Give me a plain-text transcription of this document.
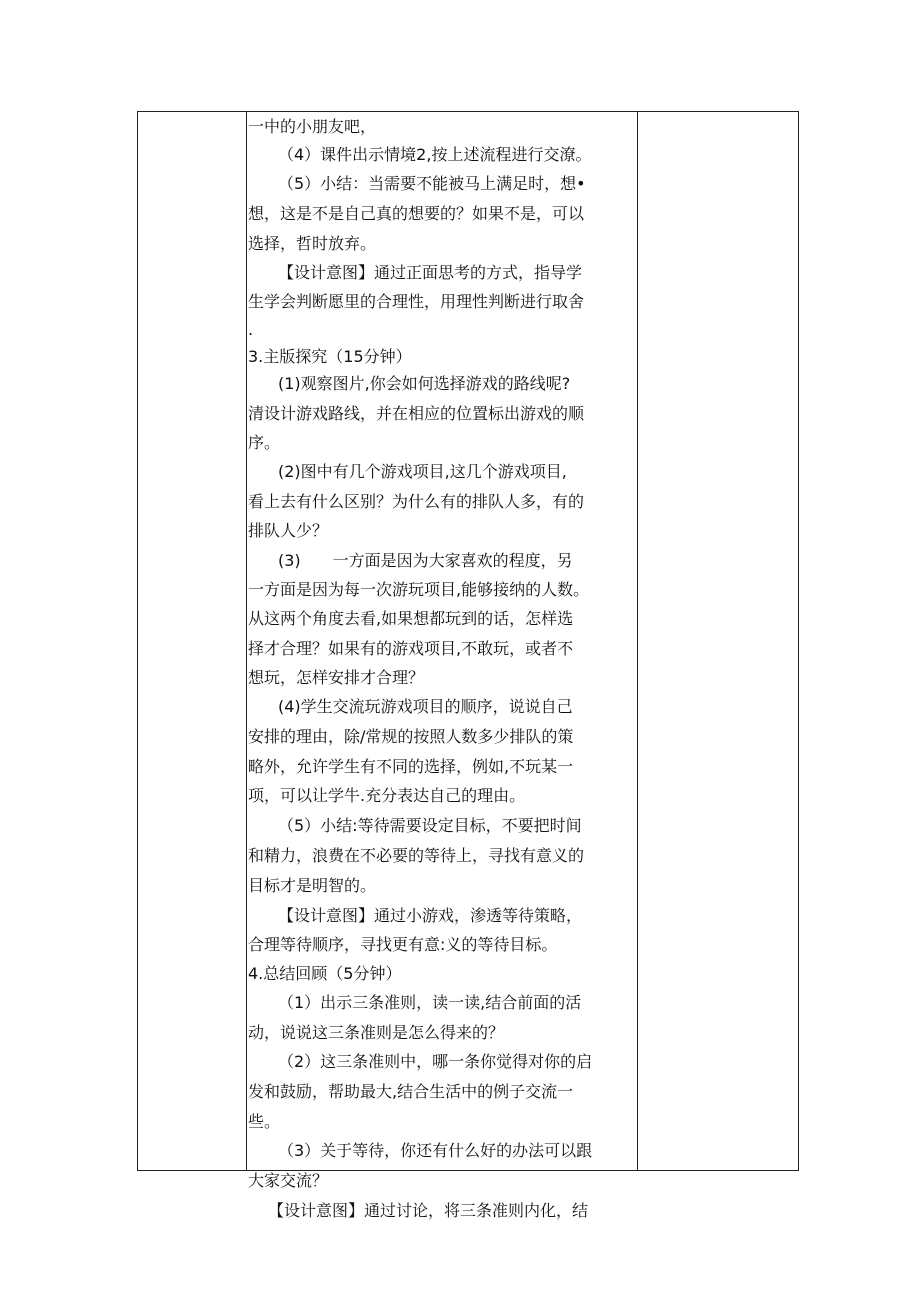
一中的小朋友吧，
（4）课件出示情境2,按上述流程进行交潦。
（5）小结：当需要不能被马上满足时，想•
想，这是不是自己真的想要的？如果不是，可以
选择，哲时放弃。
【设计意图】通过正面思考的方式，指导学
生学会判断愿里的合理性，用理性判断进行取舍
.
3.主版探究（15分钟）
(1)观察图片,你会如何选择游戏的路线呢?
清设计游戏路线，并在相应的位置标出游戏的顺
序。
(2)图中有几个游戏项目,这几个游戏项目,
看上去有什么区别？为什么有的排队人多，有的
排队人少？
(3)　　一方面是因为大家喜欢的程度，另
一方面是因为每一次游玩项目,能够接纳的人数。
从这两个角度去看,如果想都玩到的话，怎样选
择才合理？如果有的游戏项目,不敢玩，或者不
想玩，怎样安排才合理？
(4)学生交流玩游戏项目的顺序，说说自己
安排的理由，除/常规的按照人数多少排队的策
略外，允许学生有不同的选择，例如,不玩某一
项，可以让学牛.充分表达自己的理由。
（5）小结:等待需要设定目标，不要把时间
和精力，浪费在不必要的等待上，寻找有意义的
目标才是明智的。
【设计意图】通过小游戏，渗透等待策略，
合理等待顺序，寻找更有意:义的等待目标。
4.总结回顾（5分钟）
（1）出示三条准则，读一读,结合前面的活
动，说说这三条准则是怎么得来的？
（2）这三条准则中，哪一条你觉得对你的启
发和鼓励，帮助最大,结合生活中的例子交流一
些。
（3）关于等待，你还有什么好的办法可以跟
大家交流？
【设计意图】通过讨论，将三条准则内化，结
